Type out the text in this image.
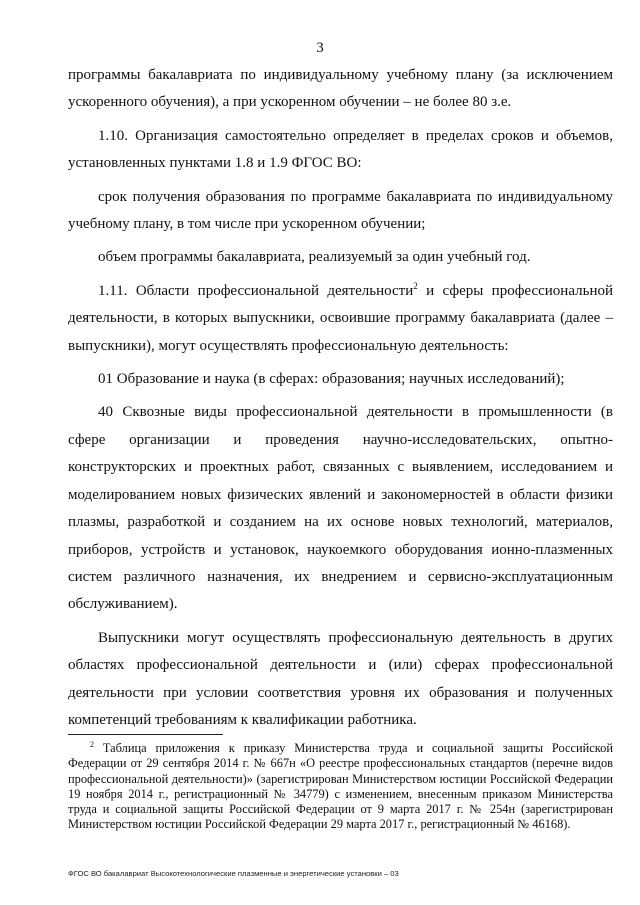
3

программы бакалавриата по индивидуальному учебному плану (за исключением ускоренного обучения), а при ускоренном обучении – не более 80 з.е.

1.10. Организация самостоятельно определяет в пределах сроков и объемов, установленных пунктами 1.8 и 1.9 ФГОС ВО:

срок получения образования по программе бакалавриата по индивидуальному учебному плану, в том числе при ускоренном обучении;

объем программы бакалавриата, реализуемый за один учебный год.

1.11. Области профессиональной деятельности$^2$ и сферы профессиональной деятельности, в которых выпускники, освоившие программу бакалавриата (далее – выпускники), могут осуществлять профессиональную деятельность:

01 Образование и наука (в сферах: образования; научных исследований);

40 Сквозные виды профессиональной деятельности в промышленности (в сфере организации и проведения научно-исследовательских, опытно-конструкторских и проектных работ, связанных с выявлением, исследованием и моделированием новых физических явлений и закономерностей в области физики плазмы, разработкой и созданием на их основе новых технологий, материалов, приборов, устройств и установок, наукоемкого оборудования ионно-плазменных систем различного назначения, их внедрением и сервисно-эксплуатационным обслуживанием).

Выпускники могут осуществлять профессиональную деятельность в других областях профессиональной деятельности и (или) сферах профессиональной деятельности при условии соответствия уровня их образования и полученных компетенций требованиям к квалификации работника.

$^2$ Таблица приложения к приказу Министерства труда и социальной защиты Российской Федерации от 29 сентября 2014 г. № 667н «О реестре профессиональных стандартов (перечне видов профессиональной деятельности)» (зарегистрирован Министерством юстиции Российской Федерации 19 ноября 2014 г., регистрационный № 34779) с изменением, внесенным приказом Министерства труда и социальной защиты Российской Федерации от 9 марта 2017 г. № 254н (зарегистрирован Министерством юстиции Российской Федерации 29 марта 2017 г., регистрационный № 46168).

ФГОС ВО бакалавриат Высокотехнологические плазменные и энергетические установки – 03
